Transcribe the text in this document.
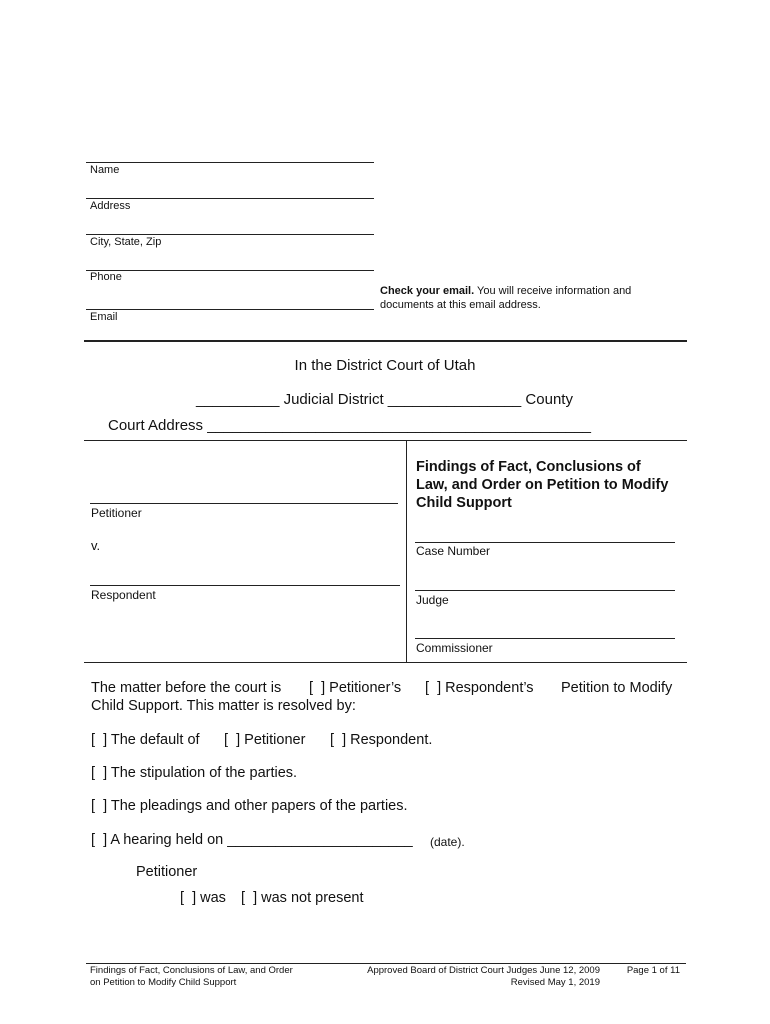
Name
Address
City, State, Zip
Phone
Email
Check your email. You will receive information and
documents at this email address.
In the District Court of Utah
__________ Judicial District ________________ County
Court Address ______________________________________________
Petitioner
v.
Respondent
Findings of Fact, Conclusions of
Law, and Order on Petition to Modify
Child Support
Case Number
Judge
Commissioner
The matter before the court is [  ] Petitioner’s [  ] Respondent’s Petition to Modify
Child Support. This matter is resolved by:
[  ] The default of [  ] Petitioner [  ] Respondent.
[  ] The stipulation of the parties.
[  ] The pleadings and other papers of the parties.
[  ] A hearing held on _______________________ (date).
Petitioner
[  ] was [  ] was not present
Findings of Fact, Conclusions of Law, and Order
on Petition to Modify Child Support
Approved Board of District Court Judges June 12, 2009
Revised May 1, 2019
Page 1 of 11
